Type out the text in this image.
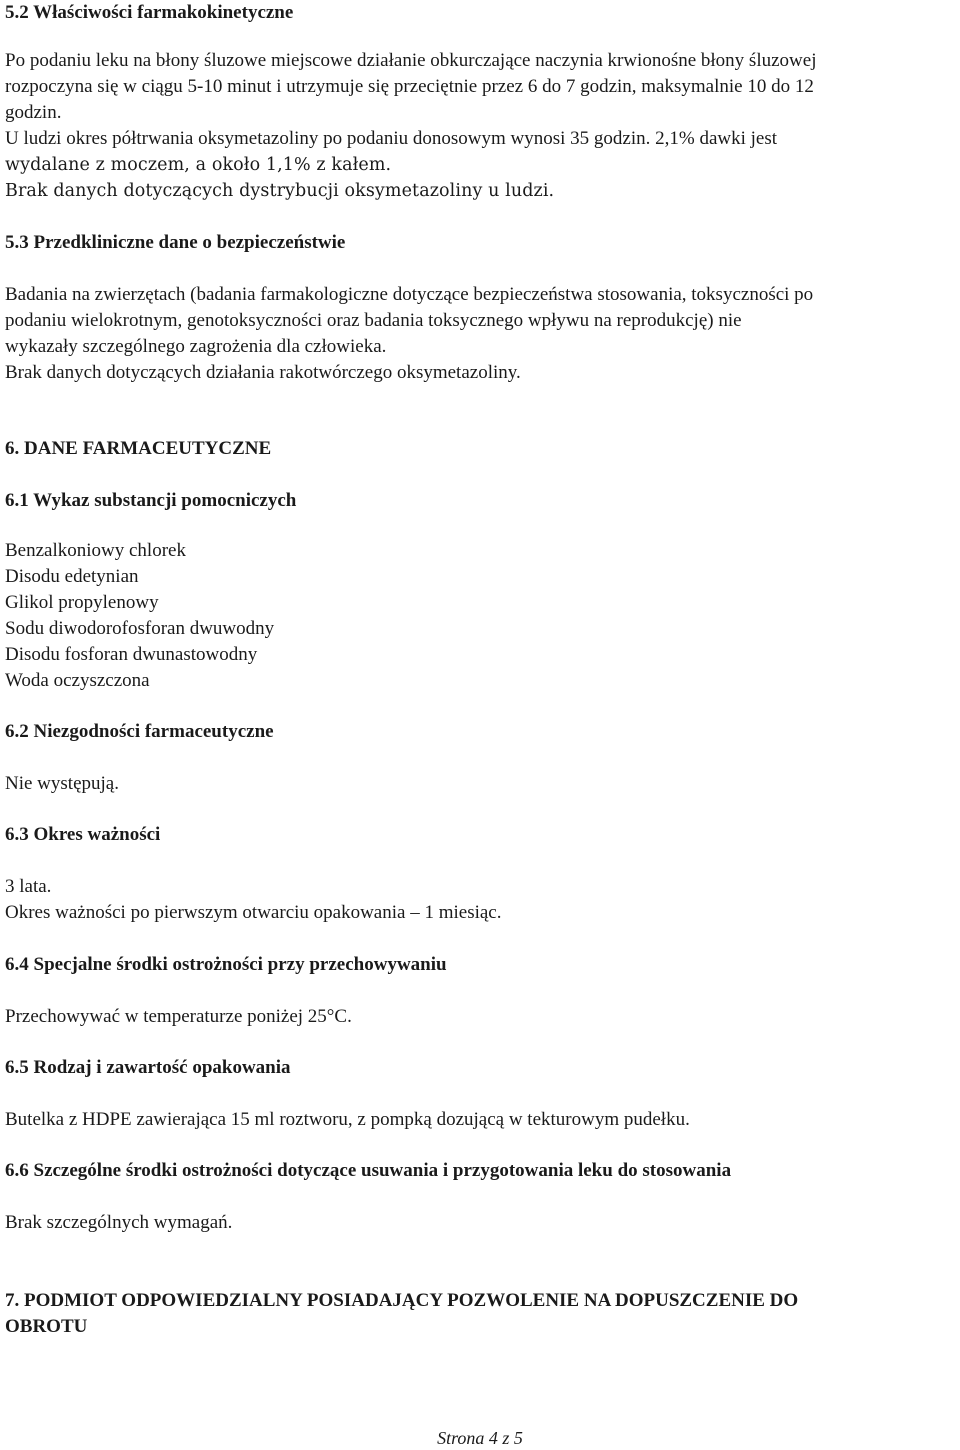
5.2 Właściwości farmakokinetyczne

Po podaniu leku na błony śluzowe miejscowe działanie obkurczające naczynia krwionośne błony śluzowej

rozpoczyna się w ciągu 5-10 minut i utrzymuje się przeciętnie przez 6 do 7 godzin, maksymalnie 10 do 12

godzin.

U ludzi okres półtrwania oksymetazoliny po podaniu donosowym wynosi 35 godzin. 2,1% dawki jest

wydalane z moczem, a około 1,1% z kałem.

Brak danych dotyczących dystrybucji oksymetazoliny u ludzi.

5.3 Przedkliniczne dane o bezpieczeństwie

Badania na zwierzętach (badania farmakologiczne dotyczące bezpieczeństwa stosowania, toksyczności po

podaniu wielokrotnym, genotoksyczności oraz badania toksycznego wpływu na reprodukcję) nie

wykazały szczególnego zagrożenia dla człowieka.

Brak danych dotyczących działania rakotwórczego oksymetazoliny.

6. DANE FARMACEUTYCZNE
6.1 Wykaz substancji pomocniczych

Benzalkoniowy chlorek

Disodu edetynian

Glikol propylenowy

Sodu diwodorofosforan dwuwodny

Disodu fosforan dwunastowodny

Woda oczyszczona

6.2 Niezgodności farmaceutyczne
Nie występują.
6.3 Okres ważności

3 lata.

Okres ważności po pierwszym otwarciu opakowania – 1 miesiąc.

6.4 Specjalne środki ostrożności przy przechowywaniu
Przechowywać w temperaturze poniżej 25°C.
6.5 Rodzaj i zawartość opakowania
Butelka z HDPE zawierająca 15 ml roztworu, z pompką dozującą w tekturowym pudełku.
6.6 Szczególne środki ostrożności dotyczące usuwania i przygotowania leku do stosowania
Brak szczególnych wymagań.

7. PODMIOT ODPOWIEDZIALNY POSIADAJĄCY POZWOLENIE NA DOPUSZCZENIE DO

OBROTU

Strona 4 z 5
